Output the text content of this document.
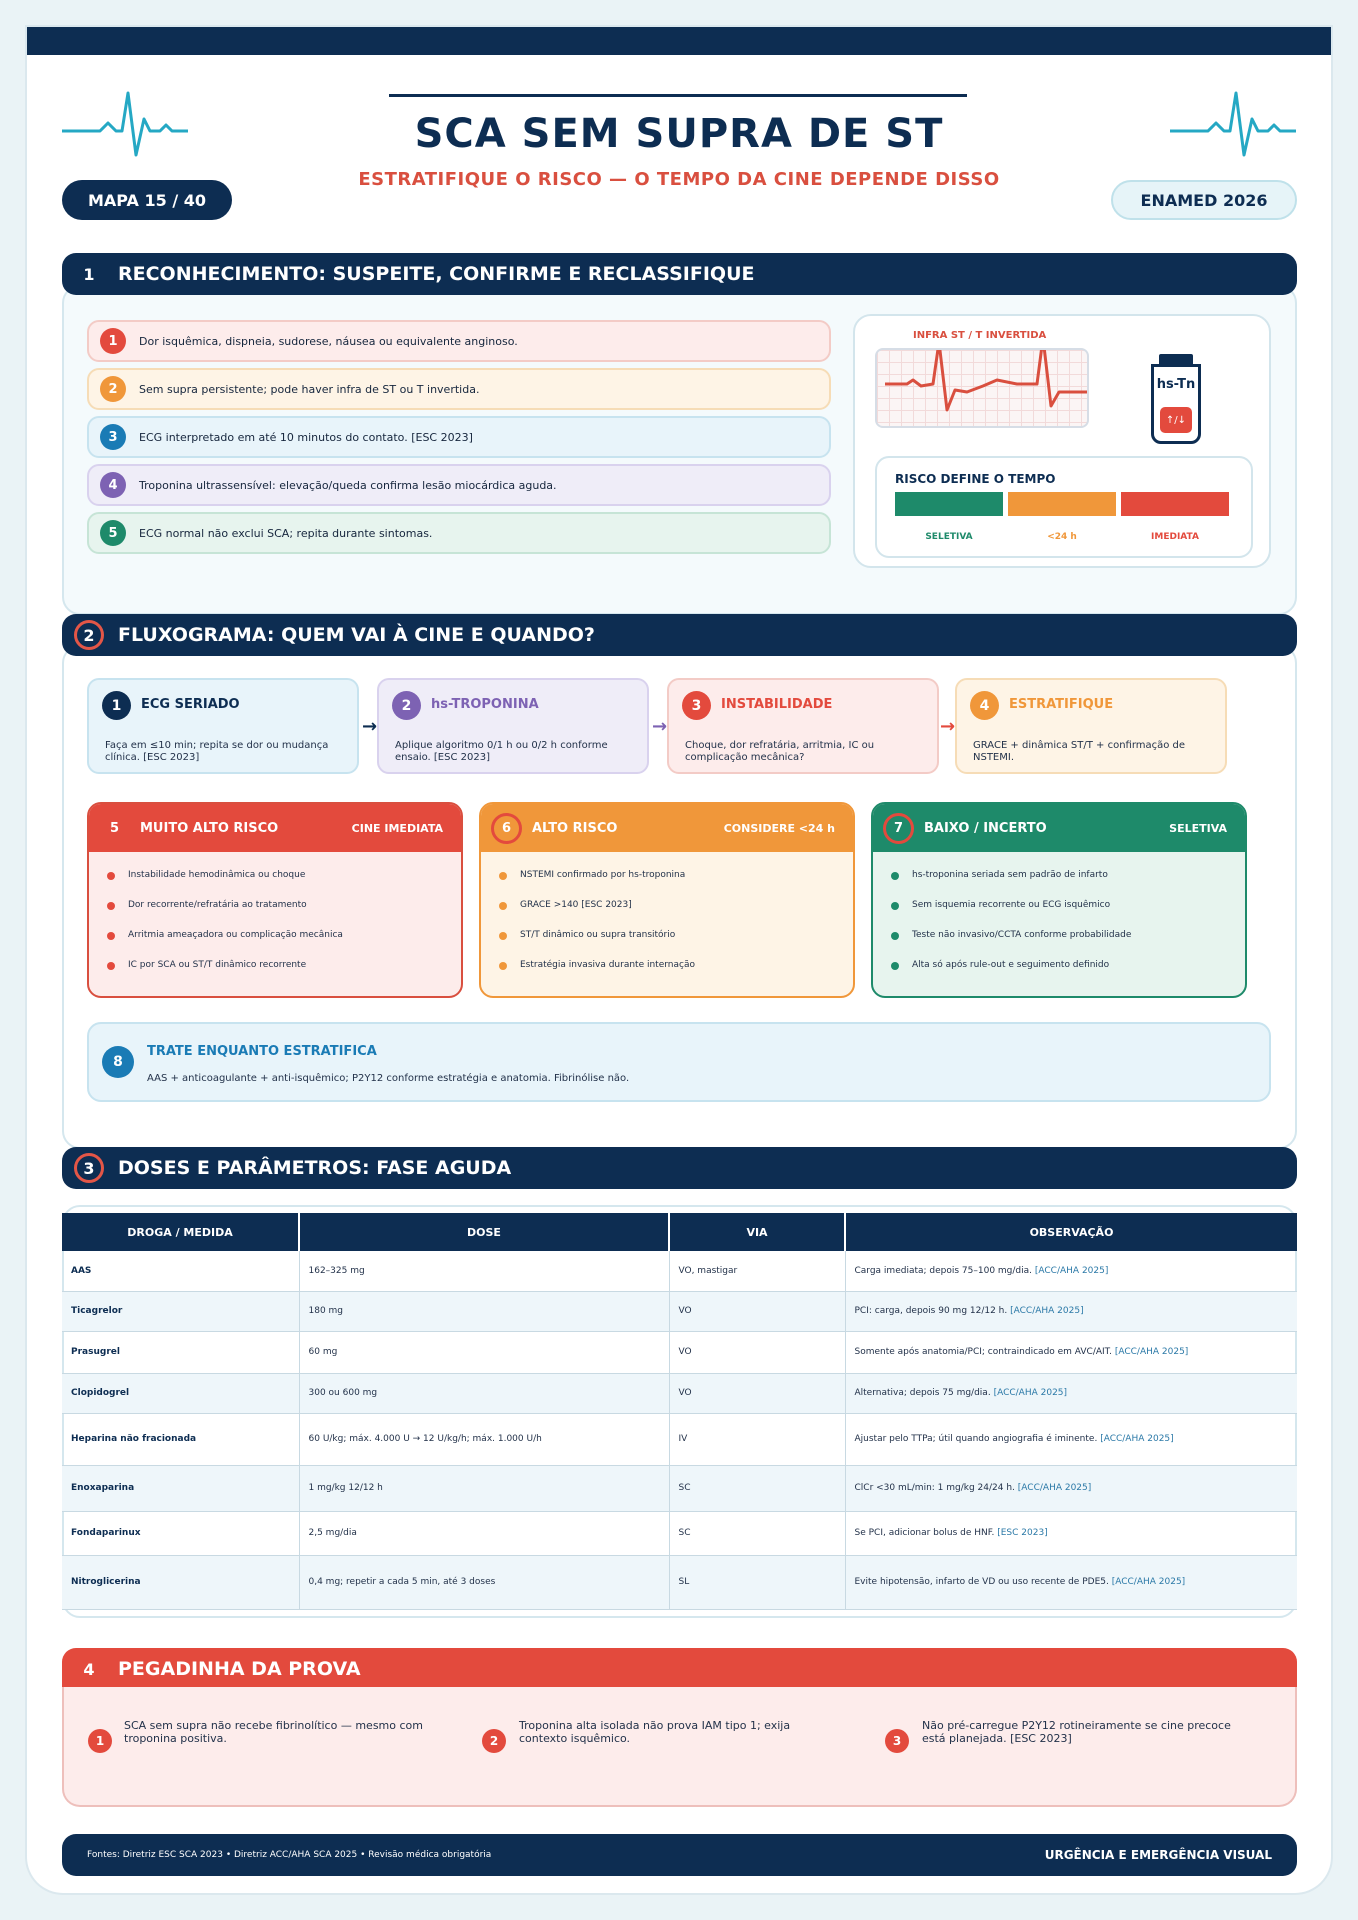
SCA SEM SUPRA DE ST
ESTRATIFIQUE O RISCO — O TEMPO DA CINE DEPENDE DISSO
MAPA 15 / 40	ENAMED 2026
1	RECONHECIMENTO: SUSPEITE, CONFIRME E RECLASSIFIQUE
1	Dor isquêmica, dispneia, sudorese, náusea ou equivalente anginoso.
2	Sem supra persistente; pode haver infra de ST ou T invertida.
3	ECG interpretado em até 10 minutos do contato. [ESC 2023]
4	Troponina ultrassensível: elevação/queda confirma lesão miocárdica aguda.
5	ECG normal não exclui SCA; repita durante sintomas.
INFRA ST / T INVERTIDA
hs-Tn
↑/↓
RISCO DEFINE O TEMPO
SELETIVA	<24 h	IMEDIATA
2	FLUXOGRAMA: QUEM VAI À CINE E QUANDO?
1	ECG SERIADO
Faça em ≤10 min; repita se dor ou mudança clínica. [ESC 2023]
→
2	hs-TROPONINA
Aplique algoritmo 0/1 h ou 0/2 h conforme ensaio. [ESC 2023]
→
3	INSTABILIDADE
Choque, dor refratária, arritmia, IC ou complicação mecânica?
→
4	ESTRATIFIQUE
GRACE + dinâmica ST/T + confirmação de NSTEMI.
5	MUITO ALTO RISCO	CINE IMEDIATA
Instabilidade hemodinâmica ou choque
Dor recorrente/refratária ao tratamento
Arritmia ameaçadora ou complicação mecânica
IC por SCA ou ST/T dinâmico recorrente
6	ALTO RISCO	CONSIDERE <24 h
NSTEMI confirmado por hs-troponina
GRACE >140 [ESC 2023]
ST/T dinâmico ou supra transitório
Estratégia invasiva durante internação
7	BAIXO / INCERTO	SELETIVA
hs-troponina seriada sem padrão de infarto
Sem isquemia recorrente ou ECG isquêmico
Teste não invasivo/CCTA conforme probabilidade
Alta só após rule-out e seguimento definido
8
TRATE ENQUANTO ESTRATIFICA
AAS + anticoagulante + anti-isquêmico; P2Y12 conforme estratégia e anatomia. Fibrinólise não.
3	DOSES E PARÂMETROS: FASE AGUDA
DROGA / MEDIDA	DOSE	VIA	OBSERVAÇÃO
AAS	162–325 mg	VO, mastigar	Carga imediata; depois 75–100 mg/dia. [ACC/AHA 2025]
Ticagrelor	180 mg	VO	PCI: carga, depois 90 mg 12/12 h. [ACC/AHA 2025]
Prasugrel	60 mg	VO	Somente após anatomia/PCI; contraindicado em AVC/AIT. [ACC/AHA 2025]
Clopidogrel	300 ou 600 mg	VO	Alternativa; depois 75 mg/dia. [ACC/AHA 2025]
Heparina não fracionada	60 U/kg; máx. 4.000 U → 12 U/kg/h; máx. 1.000 U/h	IV	Ajustar pelo TTPa; útil quando angiografia é iminente. [ACC/AHA 2025]
Enoxaparina	1 mg/kg 12/12 h	SC	ClCr <30 mL/min: 1 mg/kg 24/24 h. [ACC/AHA 2025]
Fondaparinux	2,5 mg/dia	SC	Se PCI, adicionar bolus de HNF. [ESC 2023]
Nitroglicerina	0,4 mg; repetir a cada 5 min, até 3 doses	SL	Evite hipotensão, infarto de VD ou uso recente de PDE5. [ACC/AHA 2025]
4	PEGADINHA DA PROVA
1
SCA sem supra não recebe fibrinolítico — mesmo com troponina positiva.	2
Troponina alta isolada não prova IAM tipo 1; exija contexto isquêmico.	3
Não pré-carregue P2Y12 rotineiramente se cine precoce está planejada. [ESC 2023]
Fontes: Diretriz ESC SCA 2023 • Diretriz ACC/AHA SCA 2025 • Revisão médica obrigatória	URGÊNCIA E EMERGÊNCIA VISUAL
